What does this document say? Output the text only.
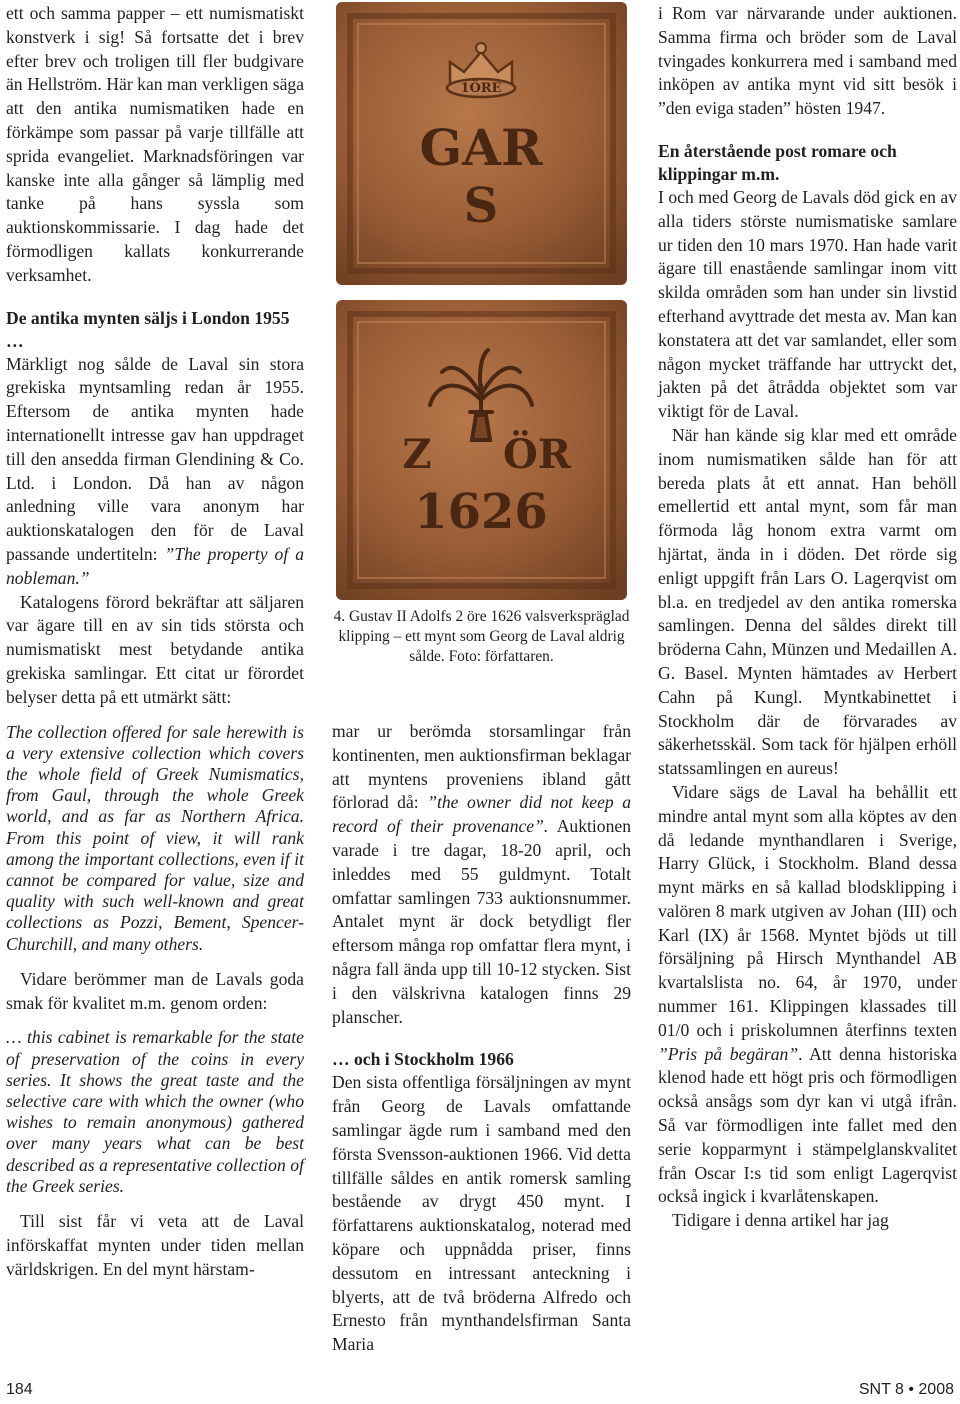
ett och samma papper – ett numismatiskt konstverk i sig! Så fortsatte det i brev efter brev och troligen till fler budgivare än Hellström. Här kan man verkligen säga att den antika numismatiken hade en förkämpe som passar på varje tillfälle att sprida evangeliet. Marknadsföringen var kanske inte alla gånger så lämplig med tanke på hans syssla som auktionskommissarie. I dag hade det förmodligen kallats konkurrerande verksamhet.

De antika mynten säljs i London 1955 …

Märkligt nog sålde de Laval sin stora grekiska myntsamling redan år 1955. Eftersom de antika mynten hade internationellt intresse gav han uppdraget till den ansedda firman Glendining & Co. Ltd. i London. Då han av någon anledning ville vara anonym har auktionskatalogen den för de Laval passande undertiteln: ”The property of a nobleman.”

Katalogens förord bekräftar att säljaren var ägare till en av sin tids största och numismatiskt mest betydande antika grekiska samlingar. Ett citat ur förordet belyser detta på ett utmärkt sätt:

The collection offered for sale herewith is a very extensive collection which covers the whole field of Greek Numismatics, from Gaul, through the whole Greek world, and as far as Northern Africa. From this point of view, it will rank among the important collections, even if it cannot be compared for value, size and quality with such well-known and great collections as Pozzi, Bement, Spencer-Churchill, and many others.

Vidare berömmer man de Lavals goda smak för kvalitet m.m. genom orden:

… this cabinet is remarkable for the state of preservation of the coins in every series. It shows the great taste and the selective care with which the owner (who wishes to remain anonymous) gathered over many years what can be best described as a representative collection of the Greek series.

Till sist får vi veta att de Laval införskaffat mynten under tiden mellan världskrigen. En del mynt härstam-

1ÖRE
GAR
S
Z ÖR
1626
4. Gustav II Adolfs 2 öre 1626 valsverkspräglad klipping – ett mynt som Georg de Laval aldrig sålde. Foto: författaren.

mar ur berömda storsamlingar från kontinenten, men auktionsfirman beklagar att myntens proveniens ibland gått förlorad då: ”the owner did not keep a record of their provenance”. Auktionen varade i tre dagar, 18-20 april, och inleddes med 55 guldmynt. Totalt omfattar samlingen 733 auktionsnummer. Antalet mynt är dock betydligt fler eftersom många rop omfattar flera mynt, i några fall ända upp till 10-12 stycken. Sist i den välskrivna katalogen finns 29 planscher.

… och i Stockholm 1966

Den sista offentliga försäljningen av mynt från Georg de Lavals omfattande samlingar ägde rum i samband med den första Svensson-auktionen 1966. Vid detta tillfälle såldes en antik romersk samling bestående av drygt 450 mynt. I författarens auktionskatalog, noterad med köpare och uppnådda priser, finns dessutom en intressant anteckning i blyerts, att de två bröderna Alfredo och Ernesto från mynthandelsfirman Santa Maria

i Rom var närvarande under auktionen. Samma firma och bröder som de Laval tvingades konkurrera med i samband med inköpen av antika mynt vid sitt besök i ”den eviga staden” hösten 1947.

En återstående post romare och klippingar m.m.

I och med Georg de Lavals död gick en av alla tiders störste numismatiske samlare ur tiden den 10 mars 1970. Han hade varit ägare till enastående samlingar inom vitt skilda områden som han under sin livstid efterhand avyttrade det mesta av. Man kan konstatera att det var samlandet, eller som någon mycket träffande har uttryckt det, jakten på det åtrådda objektet som var viktigt för de Laval.

När han kände sig klar med ett område inom numismatiken sålde han för att bereda plats åt ett annat. Han behöll emellertid ett antal mynt, som får man förmoda låg honom extra varmt om hjärtat, ända in i döden. Det rörde sig enligt uppgift från Lars O. Lagerqvist om bl.a. en tredjedel av den antika romerska samlingen. Denna del såldes direkt till bröderna Cahn, Münzen und Medaillen A. G. Basel. Mynten hämtades av Herbert Cahn på Kungl. Myntkabinettet i Stockholm där de förvarades av säkerhetsskäl. Som tack för hjälpen erhöll statssamlingen en aureus!

Vidare sägs de Laval ha behållit ett mindre antal mynt som alla köptes av den då ledande mynthandlaren i Sverige, Harry Glück, i Stockholm. Bland dessa mynt märks en så kallad blodsklipping i valören 8 mark utgiven av Johan (III) och Karl (IX) år 1568. Myntet bjöds ut till försäljning på Hirsch Mynthandel AB kvartalslista no. 64, år 1970, under nummer 161. Klippingen klassades till 01/0 och i priskolumnen återfinns texten ”Pris på begäran”. Att denna historiska klenod hade ett högt pris och förmodligen också ansågs som dyr kan vi utgå ifrån. Så var förmodligen inte fallet med den serie kopparmynt i stämpelglanskvalitet från Oscar I:s tid som enligt Lagerqvist också ingick i kvarlåtenskapen.

Tidigare i denna artikel har jag

184	SNT 8 • 2008
